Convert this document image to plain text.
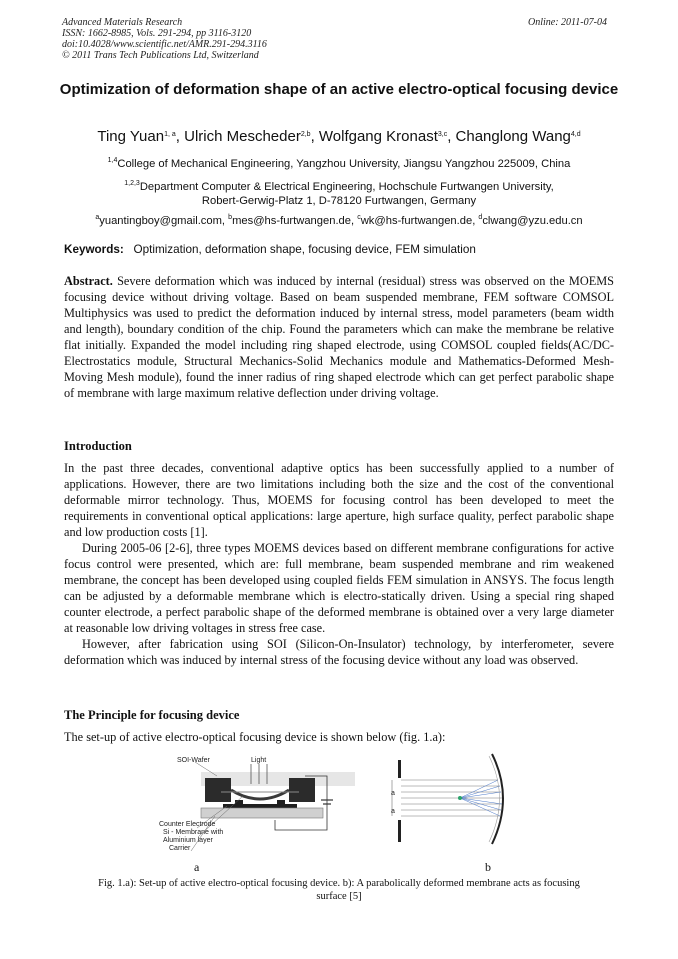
Advanced Materials Research
ISSN: 1662-8985, Vols. 291-294, pp 3116-3120
doi:10.4028/www.scientific.net/AMR.291-294.3116
© 2011 Trans Tech Publications Ltd, Switzerland
Online: 2011-07-04
Optimization of deformation shape of an active electro-optical focusing device
Ting Yuan$^{1, a}$, Ulrich Mescheder$^{2,b}$, Wolfgang Kronast$^{3,c}$, Changlong Wang$^{4,d}$
$^{1,4}$College of Mechanical Engineering, Yangzhou University, Jiangsu Yangzhou 225009, China
$^{1,2,3}$Department Computer & Electrical Engineering, Hochschule Furtwangen University,
Robert-Gerwig-Platz 1, D-78120 Furtwangen, Germany
$^a$yuantingboy@gmail.com, $^b$mes@hs-furtwangen.de, $^c$wk@hs-furtwangen.de, $^d$clwang@yzu.edu.cn
Keywords: Optimization, deformation shape, focusing device, FEM simulation

Abstract. Severe deformation which was induced by internal (residual) stress was observed on the MOEMS focusing device without driving voltage. Based on beam suspended membrane, FEM software COMSOL Multiphysics was used to predict the deformation induced by internal stress, model parameters (beam width and length), boundary condition of the chip. Found the parameters which can make the membrane be relative flat initially. Expanded the model including ring shaped electrode, using COMSOL coupled fields(AC/DC-Electrostatics module, Structural Mechanics-Solid Mechanics module and Mathematics-Deformed Mesh-Moving Mesh module), found the inner radius of ring shaped electrode which can get perfect parabolic shape of membrane with large maximum relative deflection under driving voltage.

Introduction

In the past three decades, conventional adaptive optics has been successfully applied to a number of applications. However, there are two limitations including both the size and the cost of the conventional deformable mirror technology. Thus, MOEMS for focusing control has been developed to meet the requirements in conventional optical applications: large aperture, high surface quality, perfect parabolic shape and low production costs [1].

During 2005-06 [2-6], three types MOEMS devices based on different membrane configurations for active focus control were presented, which are: full membrane, beam suspended membrane and rim weakened membrane, the concept has been developed using coupled fields FEM simulation in ANSYS. The focus length can be adjusted by a deformable membrane which is electro-statically driven. Using a special ring shaped counter electrode, a perfect parabolic shape of the deformed membrane is obtained over a very large diameter at reasonable low driving voltages in stress free case.

However, after fabrication using SOI (Silicon-On-Insulator) technology, by interferometer, severe deformation which was induced by internal stress of the focusing device without any load was observed.

The Principle for focusing device
The set-up of active electro-optical focusing device is shown below (fig. 1.a):
SOI-Wafer	Light
Counter Electrode
Si - Membrane with
Aluminium layer
Carrier
a
a
a	b
Fig. 1.a): Set-up of active electro-optical focusing device. b): A parabolically deformed membrane acts as focusing
surface [5]
